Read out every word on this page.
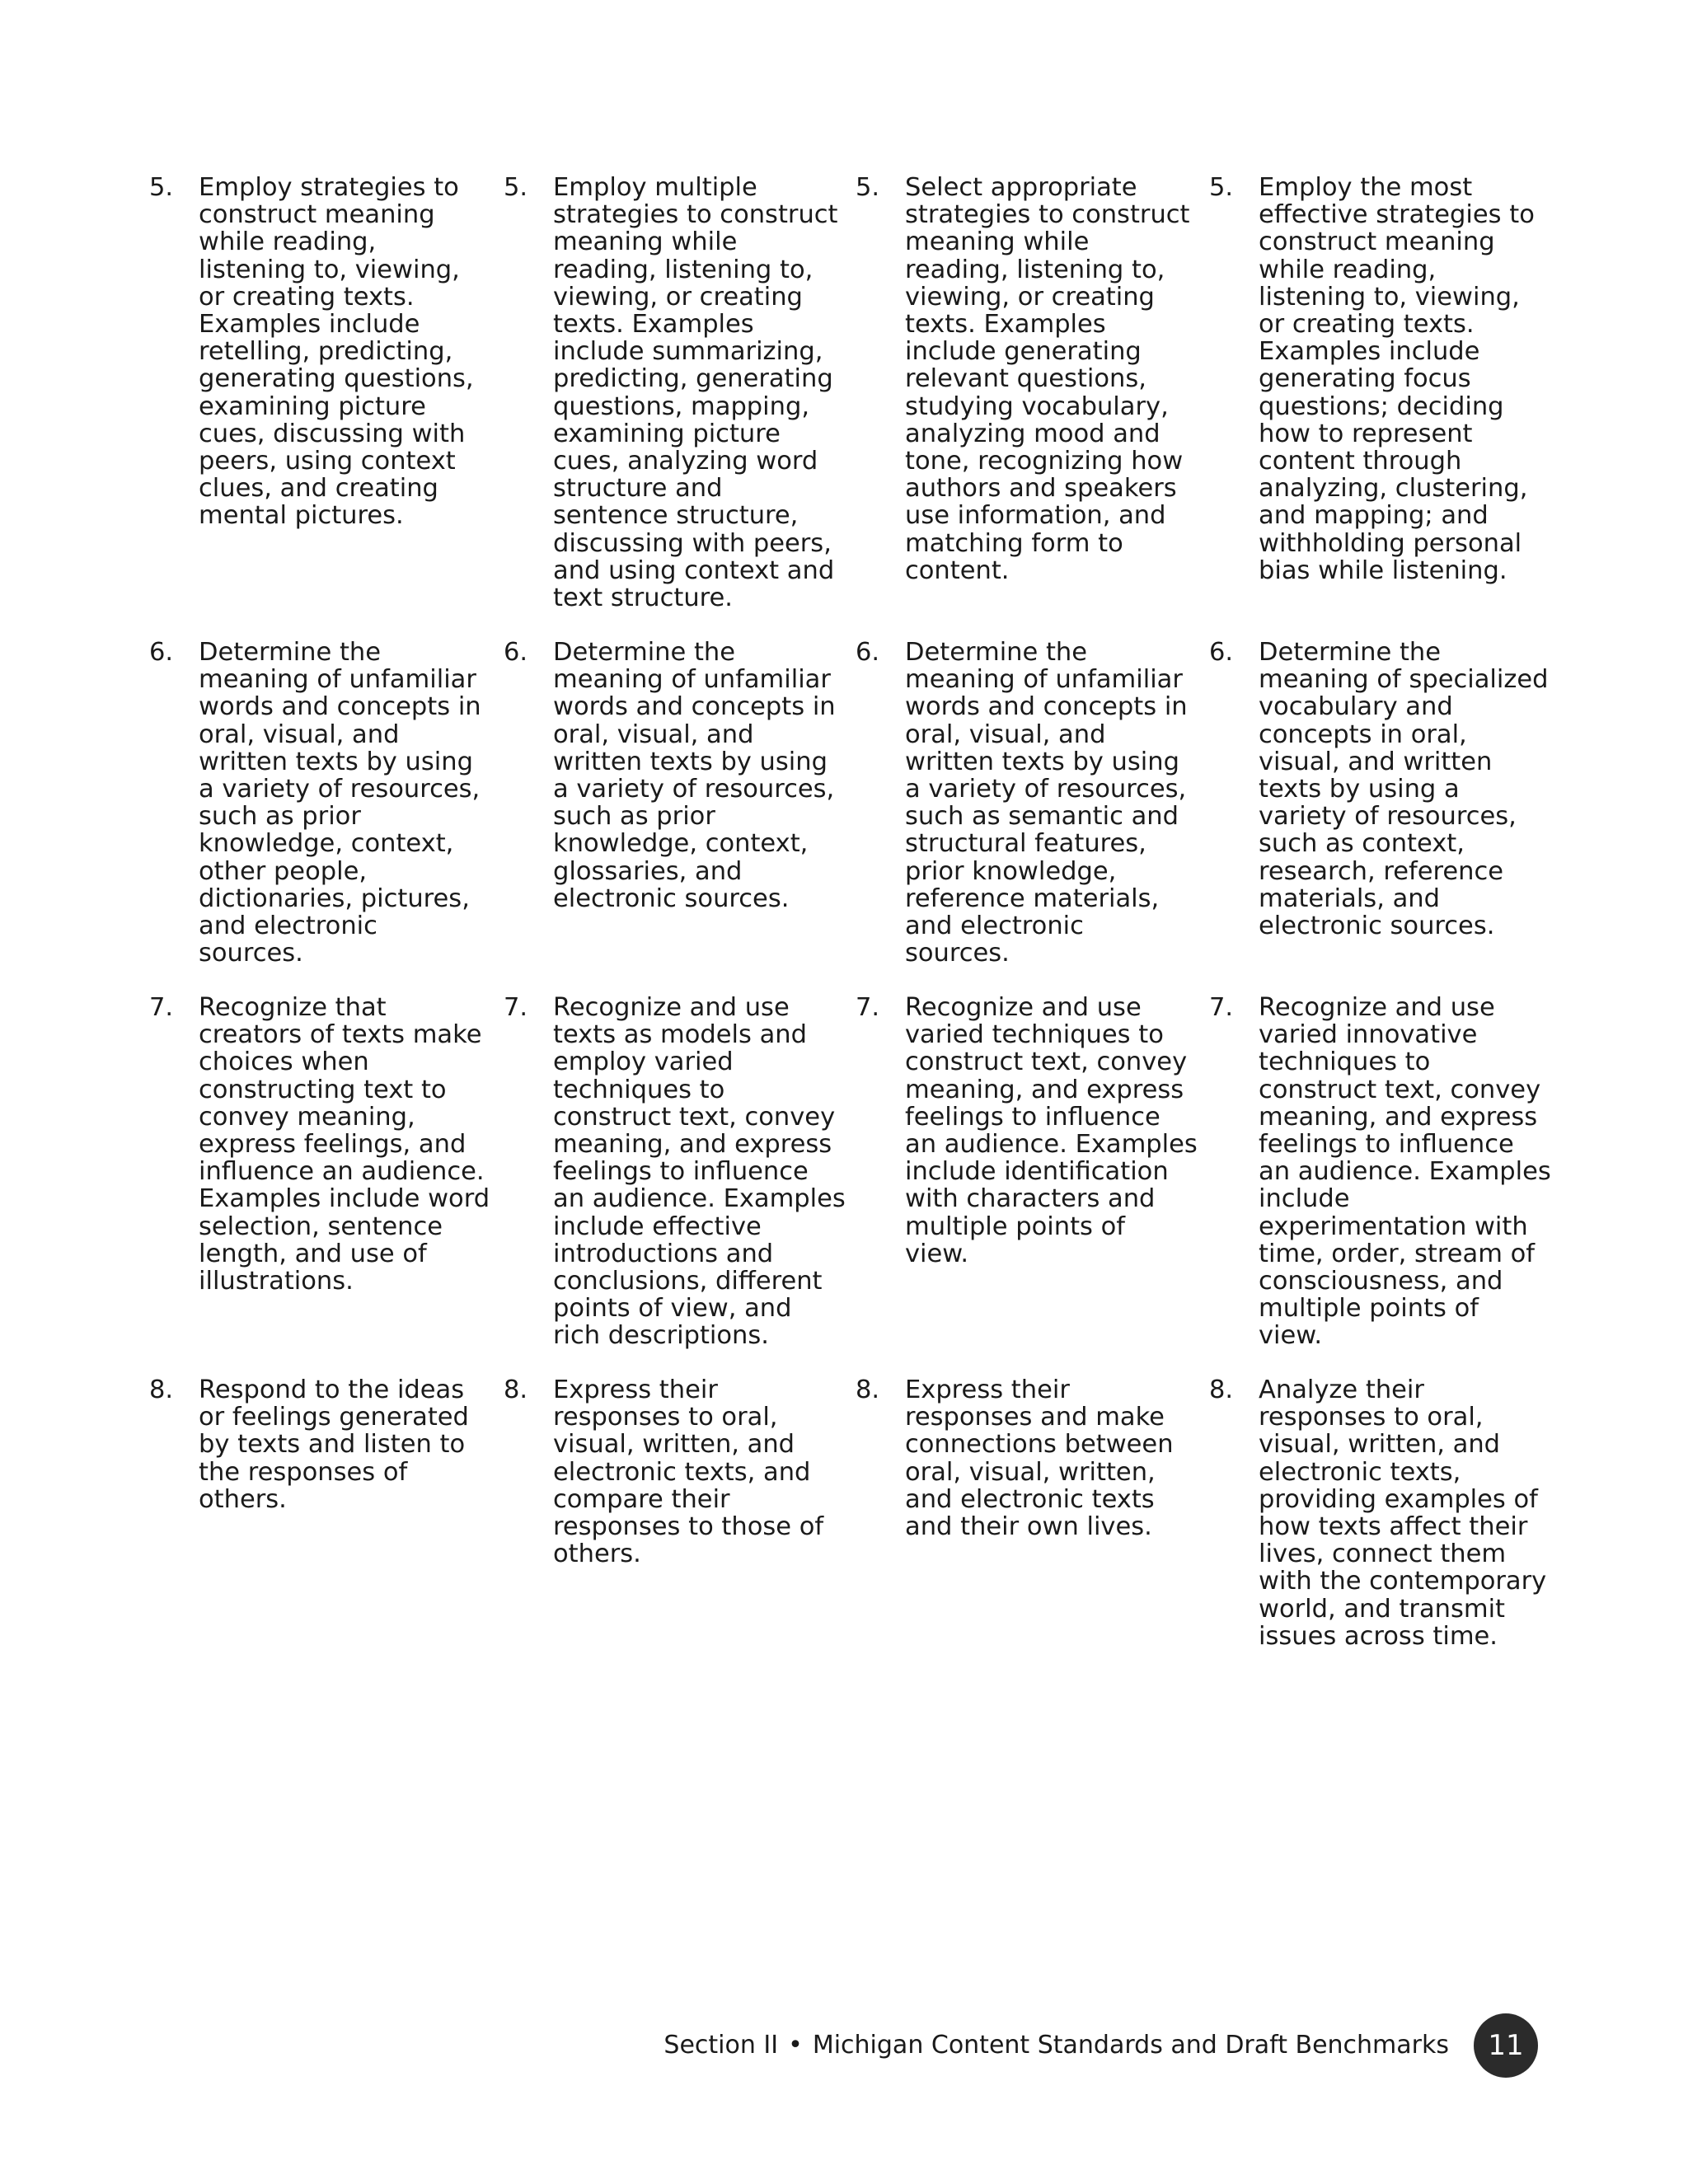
5. Employ strategies to
construct meaning
while reading,
listening to, viewing,
or creating texts.
Examples include
retelling, predicting,
generating questions,
examining picture
cues, discussing with
peers, using context
clues, and creating
mental pictures.
6. Determine the
meaning of unfamiliar
words and concepts in
oral, visual, and
written texts by using
a variety of resources,
such as prior
knowledge, context,
other people,
dictionaries, pictures,
and electronic
sources.
7. Recognize that
creators of texts make
choices when
constructing text to
convey meaning,
express feelings, and
influence an audience.
Examples include word
selection, sentence
length, and use of
illustrations.
8. Respond to the ideas
or feelings generated
by texts and listen to
the responses of
others.
5. Employ multiple
strategies to construct
meaning while
reading, listening to,
viewing, or creating
texts. Examples
include summarizing,
predicting, generating
questions, mapping,
examining picture
cues, analyzing word
structure and
sentence structure,
discussing with peers,
and using context and
text structure.
6. Determine the
meaning of unfamiliar
words and concepts in
oral, visual, and
written texts by using
a variety of resources,
such as prior
knowledge, context,
glossaries, and
electronic sources.
7. Recognize and use
texts as models and
employ varied
techniques to
construct text, convey
meaning, and express
feelings to influence
an audience. Examples
include effective
introductions and
conclusions, different
points of view, and
rich descriptions.
8. Express their
responses to oral,
visual, written, and
electronic texts, and
compare their
responses to those of
others.
5. Select appropriate
strategies to construct
meaning while
reading, listening to,
viewing, or creating
texts. Examples
include generating
relevant questions,
studying vocabulary,
analyzing mood and
tone, recognizing how
authors and speakers
use information, and
matching form to
content.
6. Determine the
meaning of unfamiliar
words and concepts in
oral, visual, and
written texts by using
a variety of resources,
such as semantic and
structural features,
prior knowledge,
reference materials,
and electronic
sources.
7. Recognize and use
varied techniques to
construct text, convey
meaning, and express
feelings to influence
an audience. Examples
include identification
with characters and
multiple points of
view.
8. Express their
responses and make
connections between
oral, visual, written,
and electronic texts
and their own lives.
5. Employ the most
effective strategies to
construct meaning
while reading,
listening to, viewing,
or creating texts.
Examples include
generating focus
questions; deciding
how to represent
content through
analyzing, clustering,
and mapping; and
withholding personal
bias while listening.
6. Determine the
meaning of specialized
vocabulary and
concepts in oral,
visual, and written
texts by using a
variety of resources,
such as context,
research, reference
materials, and
electronic sources.
7. Recognize and use
varied innovative
techniques to
construct text, convey
meaning, and express
feelings to influence
an audience. Examples
include
experimentation with
time, order, stream of
consciousness, and
multiple points of
view.
8. Analyze their
responses to oral,
visual, written, and
electronic texts,
providing examples of
how texts affect their
lives, connect them
with the contemporary
world, and transmit
issues across time.
Section II • Michigan Content Standards and Draft Benchmarks	11
